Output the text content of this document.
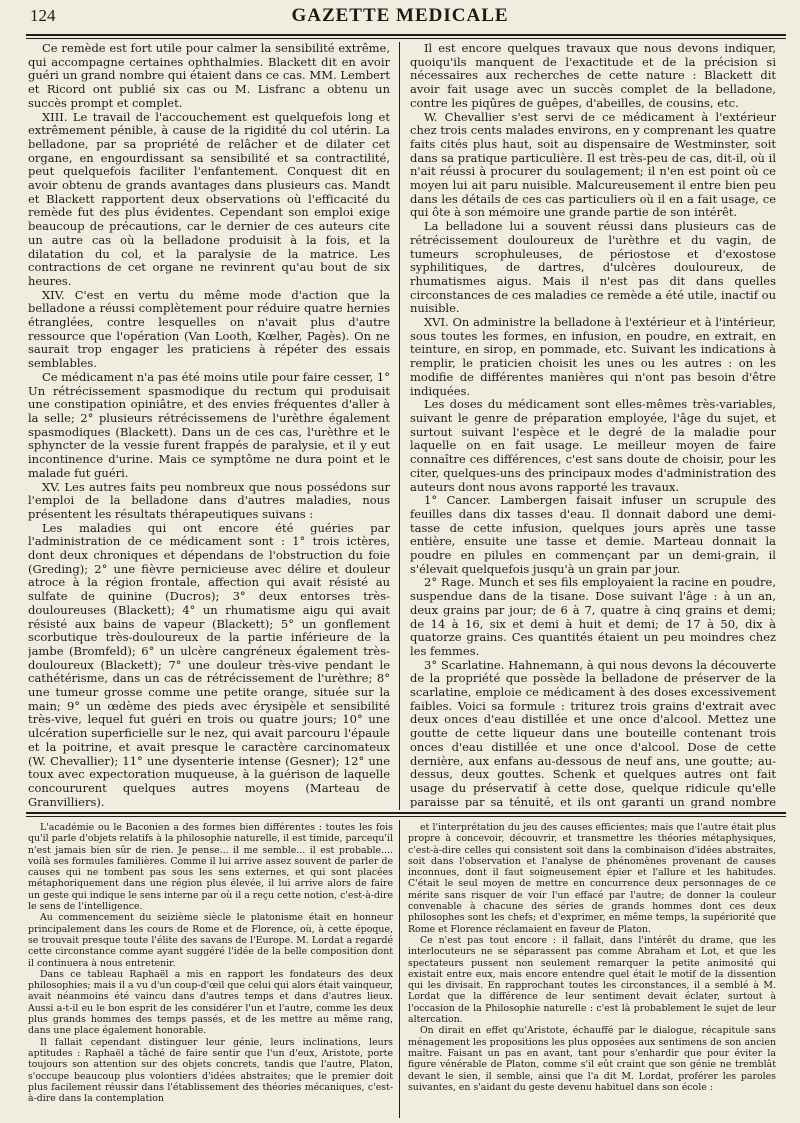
124	GAZETTE MEDICALE

Ce remède est fort utile pour calmer la sensibilité extrême, qui accompagne certaines ophthalmies. Blackett dit en avoir guéri un grand nombre qui étaient dans ce cas. MM. Lembert et Ricord ont publié six cas ou M. Lisfranc a obtenu un succès prompt et complet.

XIII. Le travail de l'accouchement est quelquefois long et extrêmement pénible, à cause de la rigidité du col utérin. La belladone, par sa propriété de relâcher et de dilater cet organe, en engourdissant sa sensibilité et sa contractilité, peut quelquefois faciliter l'enfantement. Conquest dit en avoir obtenu de grands avantages dans plusieurs cas. Mandt et Blackett rapportent deux observations où l'efficacité du remède fut des plus évidentes. Cependant son emploi exige beaucoup de précautions, car le dernier de ces auteurs cite un autre cas où la belladone produisit à la fois, et la dilatation du col, et la paralysie de la matrice. Les contractions de cet organe ne revinrent qu'au bout de six heures.

XIV. C'est en vertu du même mode d'action que la belladone a réussi complètement pour réduire quatre hernies étranglées, contre lesquelles on n'avait plus d'autre ressource que l'opération (Van Looth, Kœlher, Pagès). On ne saurait trop engager les praticiens à répéter des essais semblables.

Ce médicament n'a pas été moins utile pour faire cesser, 1° Un rétrécissement spasmodique du rectum qui produisait une constipation opiniâtre, et des envies fréquentes d'aller à la selle; 2° plusieurs rétrécissemens de l'urèthre également spasmodiques (Blackett). Dans un de ces cas, l'urèthre et le sphyncter de la vessie furent frappés de paralysie, et il y eut incontinence d'urine. Mais ce symptôme ne dura point et le malade fut guéri.

XV. Les autres faits peu nombreux que nous possédons sur l'emploi de la belladone dans d'autres maladies, nous présentent les résultats thérapeutiques suivans :

Les maladies qui ont encore été guéries par l'administration de ce médicament sont : 1° trois ictères, dont deux chroniques et dépendans de l'obstruction du foie (Greding); 2° une fièvre pernicieuse avec délire et douleur atroce à la région frontale, affection qui avait résisté au sulfate de quinine (Ducros); 3° deux entorses très-douloureuses (Blackett); 4° un rhumatisme aigu qui avait résisté aux bains de vapeur (Blackett); 5° un gonflement scorbutique très-douloureux de la partie inférieure de la jambe (Bromfeld); 6° un ulcère cangréneux également très-douloureux (Blackett); 7° une douleur très-vive pendant le cathétérisme, dans un cas de rétrécissement de l'urèthre; 8° une tumeur grosse comme une petite orange, située sur la main; 9° un œdème des pieds avec érysipèle et sensibilité très-vive, lequel fut guéri en trois ou quatre jours; 10° une ulcération superficielle sur le nez, qui avait parcouru l'épaule et la poitrine, et avait presque le caractère carcinomateux (W. Chevallier); 11° une dysenterie intense (Gesner); 12° une toux avec expectoration muqueuse, à la guérison de laquelle concoururent quelques autres moyens (Marteau de Granvilliers).

Il est encore quelques travaux que nous devons indiquer, quoiqu'ils manquent de l'exactitude et de la précision si nécessaires aux recherches de cette nature : Blackett dit avoir fait usage avec un succès complet de la belladone, contre les piqûres de guêpes, d'abeilles, de cousins, etc.

W. Chevallier s'est servi de ce médicament à l'extérieur chez trois cents malades environs, en y comprenant les quatre faits cités plus haut, soit au dispensaire de Westminster, soit dans sa pratique particulière. Il est très-peu de cas, dit-il, où il n'ait réussi à procurer du soulagement; il n'en est point où ce moyen lui ait paru nuisible. Malcureusement il entre bien peu dans les détails de ces cas particuliers où il en a fait usage, ce qui ôte à son mémoire une grande partie de son intérêt.

La belladone lui a souvent réussi dans plusieurs cas de rétrécissement douloureux de l'urèthre et du vagin, de tumeurs scrophuleuses, de périostose et d'exostose syphilitiques, de dartres, d'ulcères douloureux, de rhumatismes aigus. Mais il n'est pas dit dans quelles circonstances de ces maladies ce remède a été utile, inactif ou nuisible.

XVI. On administre la belladone à l'extérieur et à l'intérieur, sous toutes les formes, en infusion, en poudre, en extrait, en teinture, en sirop, en pommade, etc. Suivant les indications à remplir, le praticien choisit les unes ou les autres : on les modifie de différentes manières qui n'ont pas besoin d'être indiquées.

Les doses du médicament sont elles-mêmes très-variables, suivant le genre de préparation employée, l'âge du sujet, et surtout suivant l'espèce et le degré de la maladie pour laquelle on en fait usage. Le meilleur moyen de faire connaître ces différences, c'est sans doute de choisir, pour les citer, quelques-uns des principaux modes d'administration des auteurs dont nous avons rapporté les travaux.

1° Cancer. Lambergen faisait infuser un scrupule des feuilles dans dix tasses d'eau. Il donnait dabord une demi-tasse de cette infusion, quelques jours après une tasse entière, ensuite une tasse et demie. Marteau donnait la poudre en pilules en commençant par un demi-grain, il s'élevait quelquefois jusqu'à un grain par jour.

2° Rage. Munch et ses fils employaient la racine en poudre, suspendue dans de la tisane. Dose suivant l'âge : à un an, deux grains par jour; de 6 à 7, quatre à cinq grains et demi; de 14 à 16, six et demi à huit et demi; de 17 à 50, dix à quatorze grains. Ces quantités étaient un peu moindres chez les femmes.

3° Scarlatine. Hahnemann, à qui nous devons la découverte de la propriété que possède la belladone de préserver de la scarlatine, emploie ce médicament à des doses excessivement faibles. Voici sa formule : triturez trois grains d'extrait avec deux onces d'eau distillée et une once d'alcool. Mettez une goutte de cette liqueur dans une bouteille contenant trois onces d'eau distillée et une once d'alcool. Dose de cette dernière, aux enfans au-dessous de neuf ans, une goutte; au-dessus, deux gouttes. Schenk et quelques autres ont fait usage du préservatif à cette dose, quelque ridicule qu'elle paraisse par sa ténuité, et ils ont garanti un grand nombre

L'académie ou le Baconien a des formes bien différentes : toutes les fois qu'il parle d'objets relatifs à la philosophie naturelle, il est timide, parcequ'il n'est jamais bien sûr de rien. Je pense... il me semble... il est probable.... voilà ses formules familières. Comme il lui arrive assez souvent de parler de causes qui ne tombent pas sous les sens externes, et qui sont placées métaphoriquement dans une région plus élevée, il lui arrive alors de faire un geste qui indique le sens interne par où il a reçu cette notion, c'est-à-dire le sens de l'intelligence.

Au commencement du seizième siècle le platonisme était en honneur principalement dans les cours de Rome et de Florence, où, à cette époque, se trouvait presque toute l'élite des savans de l'Europe. M. Lordat a regardé cette circonstance comme ayant suggéré l'idée de la belle composition dont il continuera à nous entretenir.

Dans ce tableau Raphaël a mis en rapport les fondateurs des deux philosophies; mais il a vu d'un coup-d'œil que celui qui alors était vainqueur, avait néanmoins été vaincu dans d'autres temps et dans d'autres lieux. Aussi a-t-il eu le bon esprit de les considérer l'un et l'autre, comme les deux plus grands hommes des temps passés, et de les mettre au même rang, dans une place également honorable.

Il fallait cependant distinguer leur génie, leurs inclinations, leurs aptitudes : Raphaël a tâché de faire sentir que l'un d'eux, Aristote, porte toujours son attention sur des objets concrets, tandis que l'autre, Platon, s'occupe beaucoup plus volontiers d'idées abstraites; que le premier doit plus facilement réussir dans l'établissement des théories mécaniques, c'est-à-dire dans la contemplation

et l'interprétation du jeu des causes efficientes; mais que l'autre était plus propre à concevoir, découvrir, et transmettre les théories métaphysiques, c'est-à-dire celles qui consistent soit dans la combinaison d'idées abstraites, soit dans l'observation et l'analyse de phénomènes provenant de causes inconnues, dont il faut soigneusement épier et l'allure et les habitudes. C'était le seul moyen de mettre en concurrence deux personnages de ce mérite sans risquer de voir l'un effacé par l'autre; de donner la couleur convenable à chacune des séries de grands hommes dont ces deux philosophes sont les chefs; et d'exprimer, en même temps, la supériorité que Rome et Florence réclamaient en faveur de Platon.

Ce n'est pas tout encore : il fallait, dans l'intérêt du drame, que les interlocuteurs ne se séparassent pas comme Abraham et Lot, et que les spectateurs pussent non seulement remarquer la petite animosité qui existait entre eux, mais encore entendre quel était le motif de la dissention qui les divisait. En rapprochant toutes les circonstances, il a semblé à M. Lordat que la différence de leur sentiment devait éclater, surtout à l'occasion de la Philosophie naturelle : c'est là probablement le sujet de leur altercation.

On dirait en effet qu'Aristote, échauffé par le dialogue, récapitule sans ménagement les propositions les plus opposées aux sentimens de son ancien maître. Faisant un pas en avant, tant pour s'enhardir que pour éviter la figure vénérable de Platon, comme s'il eût craint que son génie ne tremblât devant le sien, il semble, ainsi que l'a dit M. Lordat, proférer les paroles suivantes, en s'aidant du geste devenu habituel dans son école :
